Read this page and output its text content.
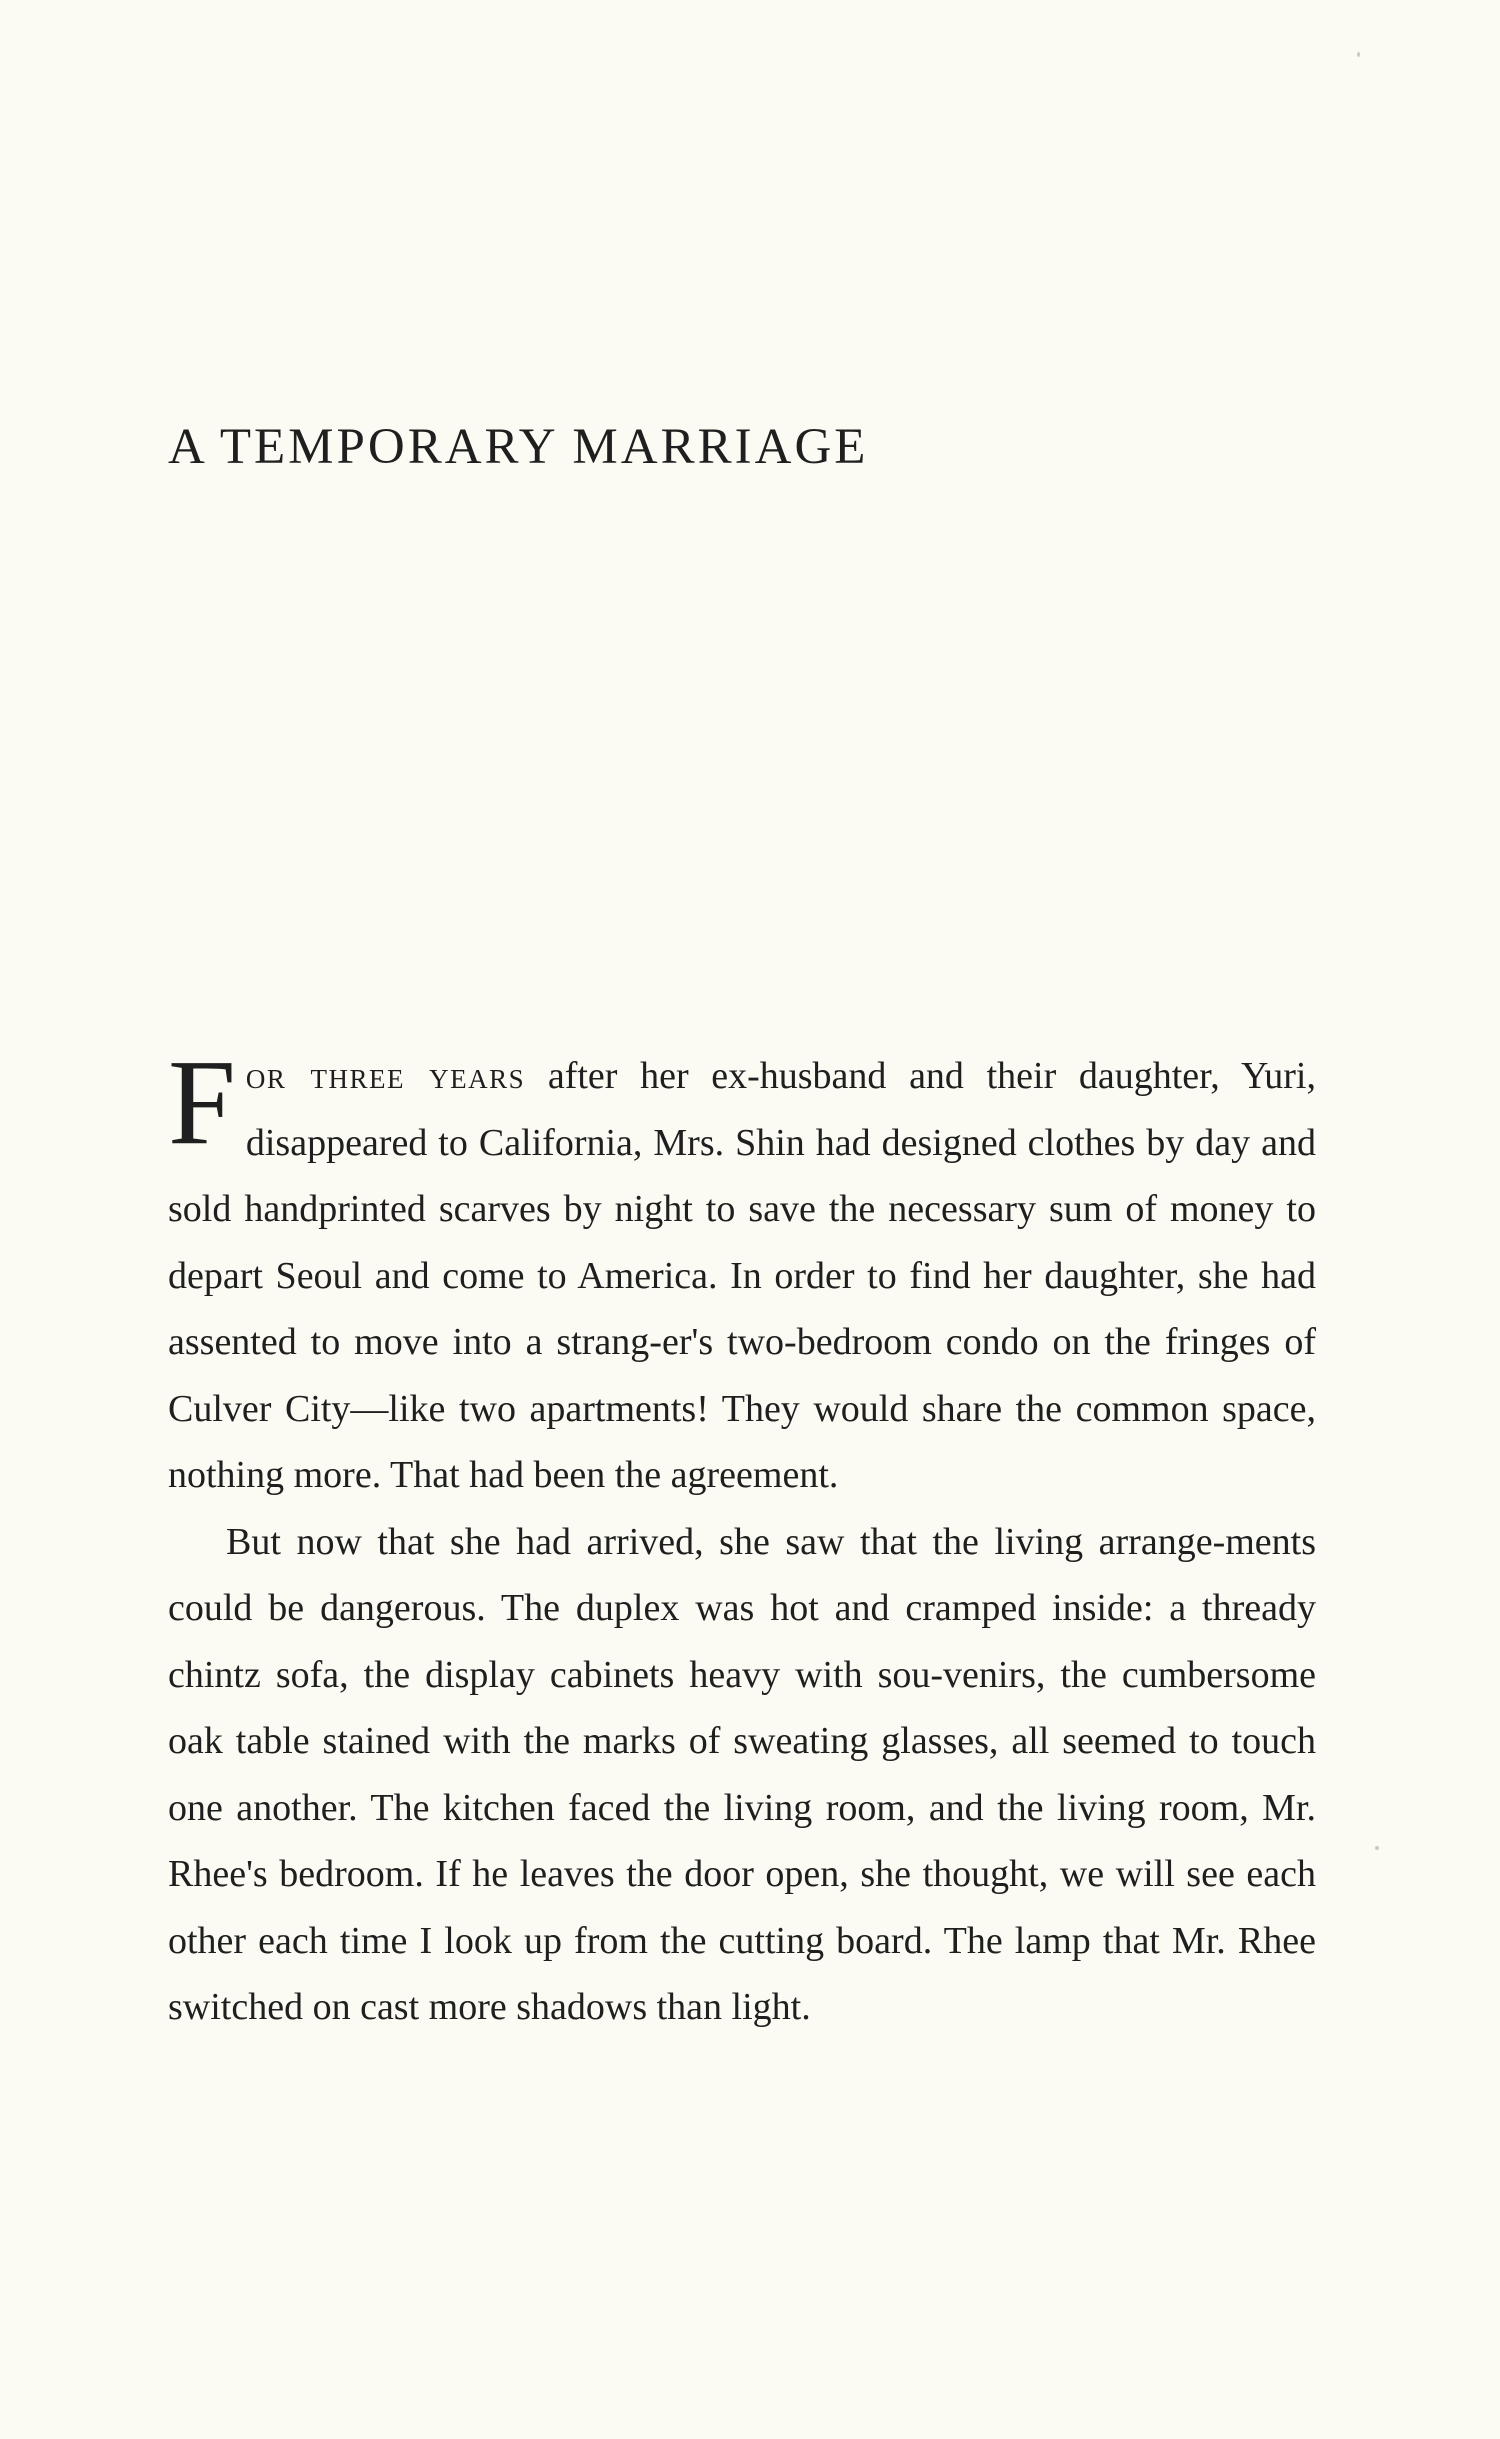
A TEMPORARY MARRIAGE

For three years after her ex-husband and their daughter, Yuri, disappeared to California, Mrs. Shin had designed clothes by day and sold handprinted scarves by night to save the necessary sum of money to depart Seoul and come to America. In order to find her daughter, she had assented to move into a strang-er's two-bedroom condo on the fringes of Culver City—like two apartments! They would share the common space, nothing more. That had been the agreement.

But now that she had arrived, she saw that the living arrange-ments could be dangerous. The duplex was hot and cramped inside: a thready chintz sofa, the display cabinets heavy with sou-venirs, the cumbersome oak table stained with the marks of sweating glasses, all seemed to touch one another. The kitchen faced the living room, and the living room, Mr. Rhee's bedroom. If he leaves the door open, she thought, we will see each other each time I look up from the cutting board. The lamp that Mr. Rhee switched on cast more shadows than light.
